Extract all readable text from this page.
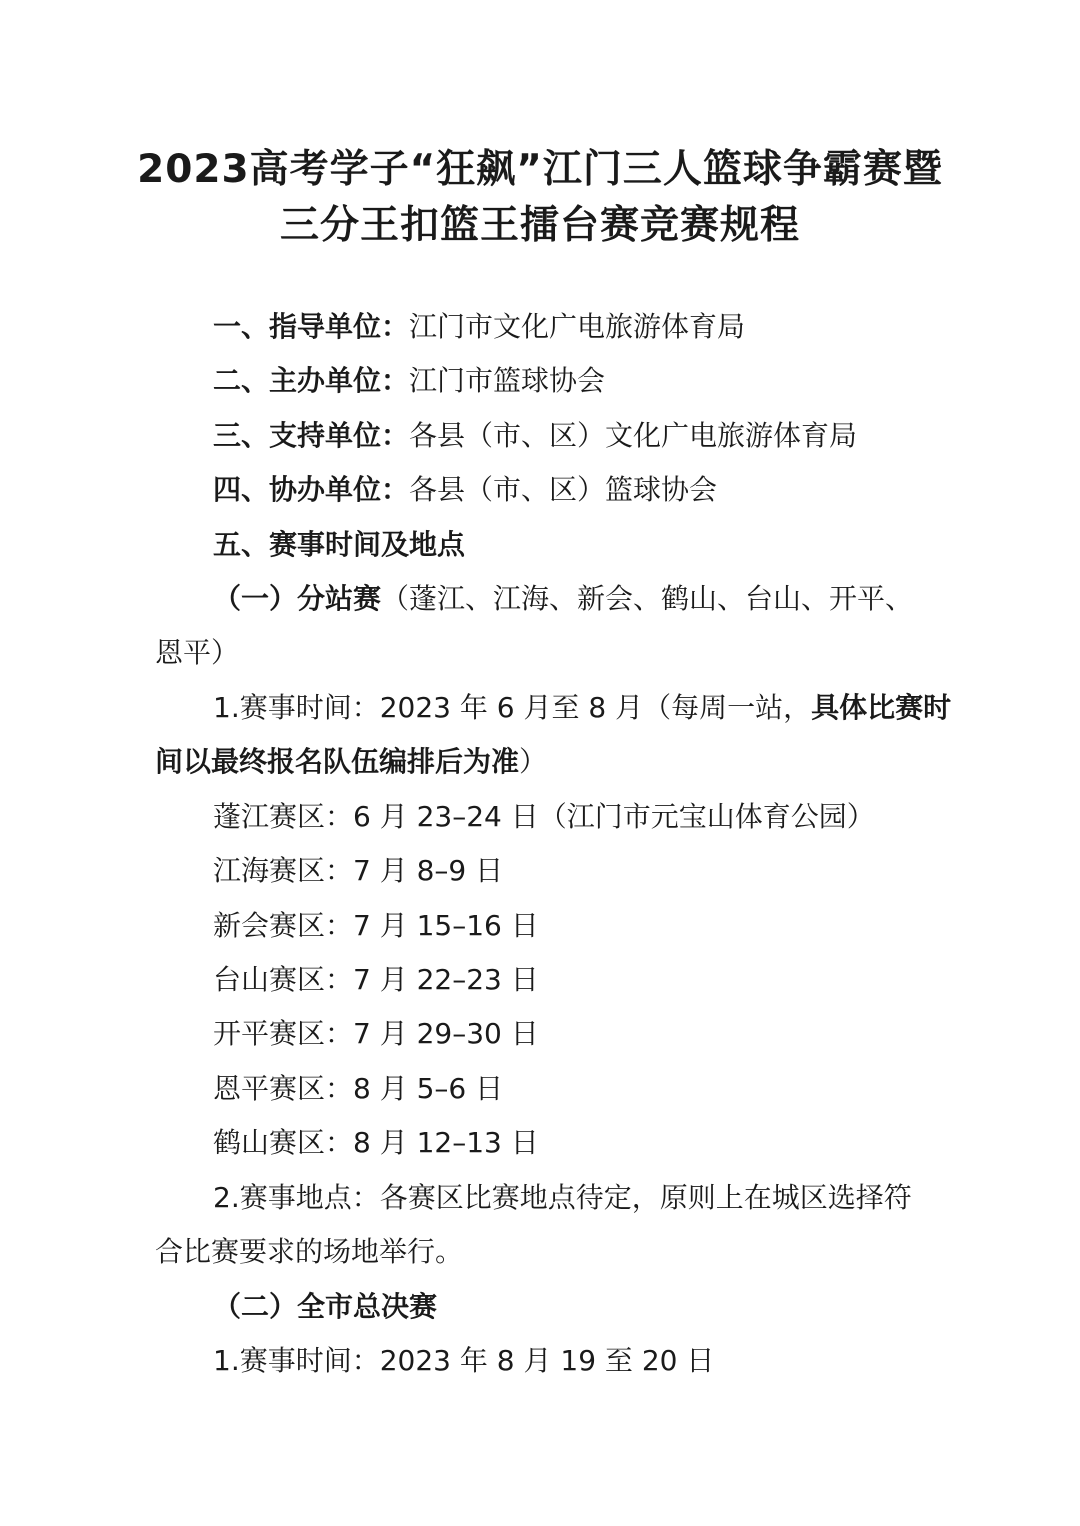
2023高考学子“狂飙”江门三人篮球争霸赛暨
三分王扣篮王擂台赛竞赛规程
一、指导单位：江门市文化广电旅游体育局
二、主办单位：江门市篮球协会
三、支持单位：各县（市、区）文化广电旅游体育局
四、协办单位：各县（市、区）篮球协会
五、赛事时间及地点
（一）分站赛（蓬江、江海、新会、鹤山、台山、开平、
恩平）
1.赛事时间：2023 年 6 月至 8 月（每周一站，具体比赛时
间以最终报名队伍编排后为准）
蓬江赛区：6 月 23–24 日（江门市元宝山体育公园）
江海赛区：7 月 8–9 日
新会赛区：7 月 15–16 日
台山赛区：7 月 22–23 日
开平赛区：7 月 29–30 日
恩平赛区：8 月 5–6 日
鹤山赛区：8 月 12–13 日
2.赛事地点：各赛区比赛地点待定，原则上在城区选择符
合比赛要求的场地举行。
（二）全市总决赛
1.赛事时间：2023 年 8 月 19 至 20 日
